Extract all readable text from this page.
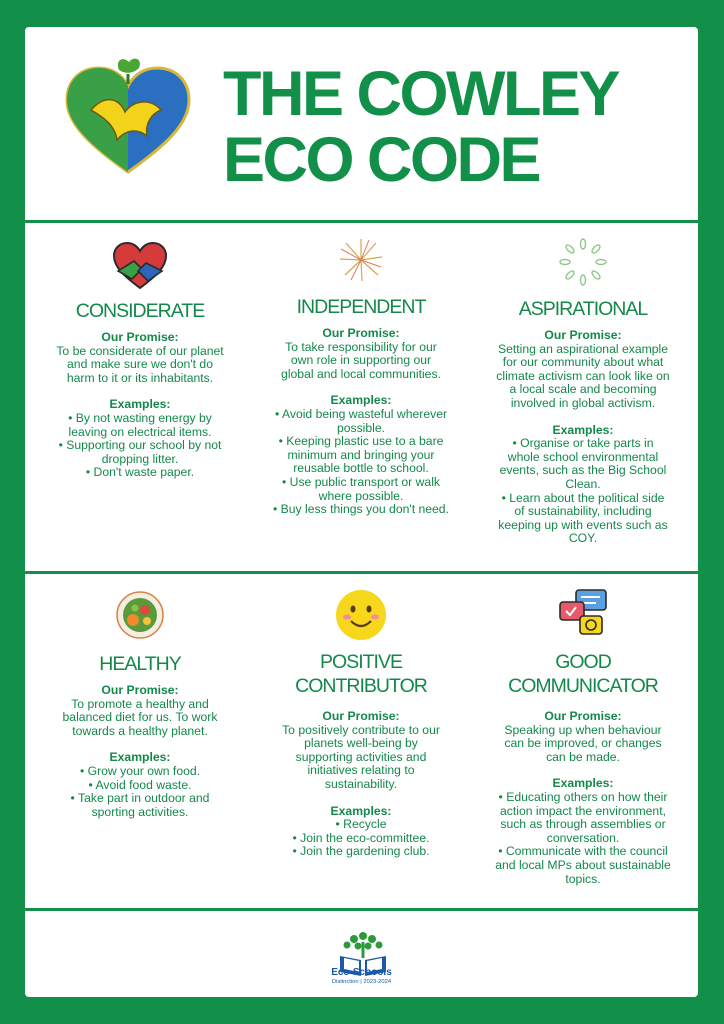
THE COWLEY
ECO CODE
CONSIDERATE
Our Promise:
To be considerate of our planet
and make sure we don't do
harm to it or its inhabitants.
Examples:
• By not wasting energy by
leaving on electrical items.
• Supporting our school by not
dropping litter.
• Don't waste paper.
INDEPENDENT
Our Promise:
To take responsibility for our
own role in supporting our
global and local communities.
Examples:
• Avoid being wasteful wherever
possible.
• Keeping plastic use to a bare
minimum and bringing your
reusable bottle to school.
• Use public transport or walk
where possible.
• Buy less things you don't need.
ASPIRATIONAL
Our Promise:
Setting an aspirational example
for our community about what
climate activism can look like on
a local scale and becoming
involved in global activism.
Examples:
• Organise or take parts in
whole school environmental
events, such as the Big School
Clean.
• Learn about the political side
of sustainability, including
keeping up with events such as
COY.
HEALTHY
Our Promise:
To promote a healthy and
balanced diet for us. To work
towards a healthy planet.
Examples:
• Grow your own food.
• Avoid food waste.
• Take part in outdoor and
sporting activities.
POSITIVE
CONTRIBUTOR
Our Promise:
To positively contribute to our
planets well-being by
supporting activities and
initiatives relating to
sustainability.
Examples:
• Recycle
• Join the eco-committee.
• Join the gardening club.
GOOD
COMMUNICATOR
Our Promise:
Speaking up when behaviour
can be improved, or changes
can be made.
Examples:
• Educating others on how their
action impact the environment,
such as through assemblies or
conversation.
• Communicate with the council
and local MPs about sustainable
topics.
Eco-Schools
Distinction | 2023-2024
